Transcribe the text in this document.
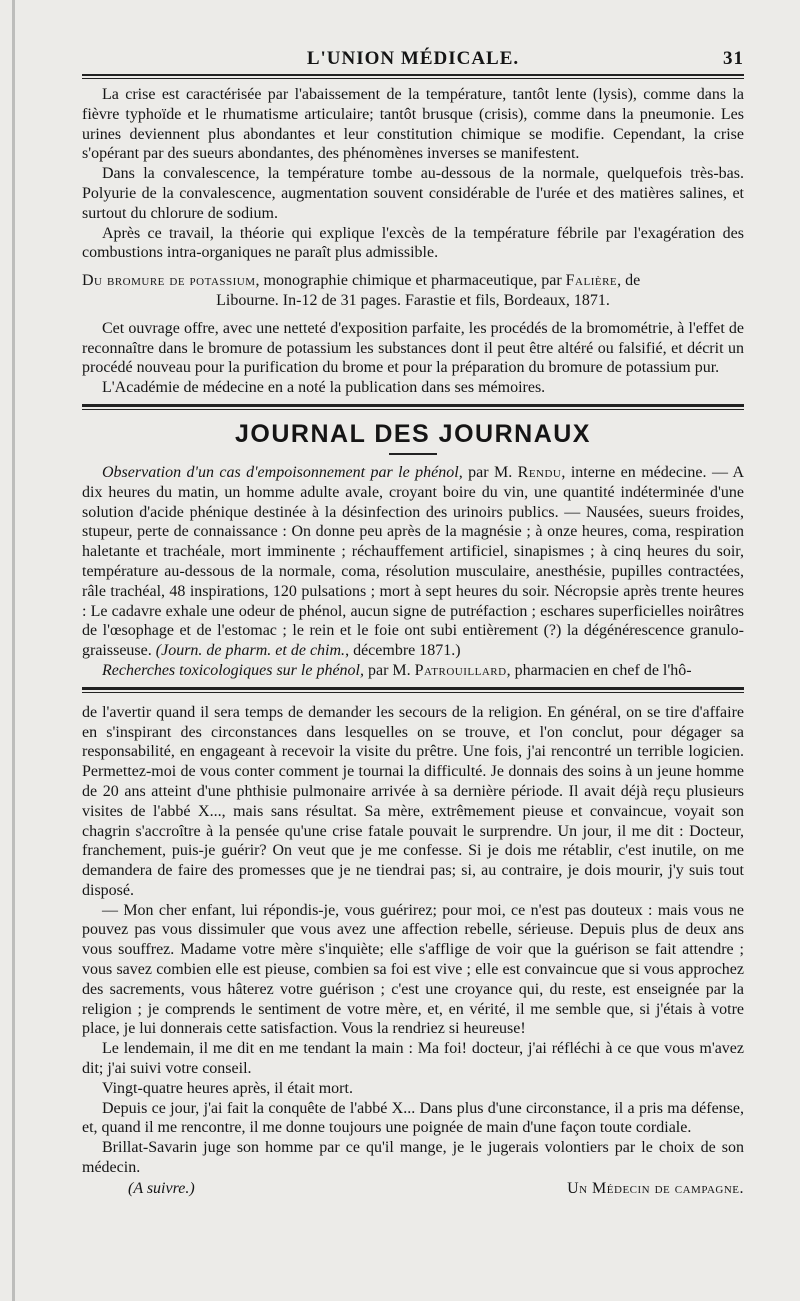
L'UNION MÉDICALE.	31

La crise est caractérisée par l'abaissement de la température, tantôt lente (lysis), comme dans la fièvre typhoïde et le rhumatisme articulaire; tantôt brusque (crisis), comme dans la pneumonie. Les urines deviennent plus abondantes et leur constitution chimique se modifie. Cependant, la crise s'opérant par des sueurs abondantes, des phénomènes inverses se manifestent.

Dans la convalescence, la température tombe au-dessous de la normale, quelquefois très-bas. Polyurie de la convalescence, augmentation souvent considérable de l'urée et des matières salines, et surtout du chlorure de sodium.

Après ce travail, la théorie qui explique l'excès de la température fébrile par l'exagération des combustions intra-organiques ne paraît plus admissible.

Du bromure de potassium, monographie chimique et pharmaceutique, par Falière, de

Libourne. In-12 de 31 pages. Farastie et fils, Bordeaux, 1871.

Cet ouvrage offre, avec une netteté d'exposition parfaite, les procédés de la bromométrie, à l'effet de reconnaître dans le bromure de potassium les substances dont il peut être altéré ou falsifié, et décrit un procédé nouveau pour la purification du brome et pour la préparation du bromure de potassium pur.

L'Académie de médecine en a noté la publication dans ses mémoires.

JOURNAL DES JOURNAUX

Observation d'un cas d'empoisonnement par le phénol, par M. Rendu, interne en médecine. — A dix heures du matin, un homme adulte avale, croyant boire du vin, une quantité indéterminée d'une solution d'acide phénique destinée à la désinfection des urinoirs publics. — Nausées, sueurs froides, stupeur, perte de connaissance : On donne peu après de la magnésie ; à onze heures, coma, respiration haletante et trachéale, mort imminente ; réchauffement artificiel, sinapismes ; à cinq heures du soir, température au-dessous de la normale, coma, résolution musculaire, anesthésie, pupilles contractées, râle trachéal, 48 inspirations, 120 pulsations ; mort à sept heures du soir. Nécropsie après trente heures : Le cadavre exhale une odeur de phénol, aucun signe de putréfaction ; eschares superficielles noirâtres de l'œsophage et de l'estomac ; le rein et le foie ont subi entièrement (?) la dégénérescence granulo-graisseuse. (Journ. de pharm. et de chim., décembre 1871.)

Recherches toxicologiques sur le phénol, par M. Patrouillard, pharmacien en chef de l'hô-

de l'avertir quand il sera temps de demander les secours de la religion. En général, on se tire d'affaire en s'inspirant des circonstances dans lesquelles on se trouve, et l'on conclut, pour dégager sa responsabilité, en engageant à recevoir la visite du prêtre. Une fois, j'ai rencontré un terrible logicien. Permettez-moi de vous conter comment je tournai la difficulté. Je donnais des soins à un jeune homme de 20 ans atteint d'une phthisie pulmonaire arrivée à sa dernière période. Il avait déjà reçu plusieurs visites de l'abbé X..., mais sans résultat. Sa mère, extrêmement pieuse et convaincue, voyait son chagrin s'accroître à la pensée qu'une crise fatale pouvait le surprendre. Un jour, il me dit : Docteur, franchement, puis-je guérir? On veut que je me confesse. Si je dois me rétablir, c'est inutile, on me demandera de faire des promesses que je ne tiendrai pas; si, au contraire, je dois mourir, j'y suis tout disposé.

— Mon cher enfant, lui répondis-je, vous guérirez; pour moi, ce n'est pas douteux : mais vous ne pouvez pas vous dissimuler que vous avez une affection rebelle, sérieuse. Depuis plus de deux ans vous souffrez. Madame votre mère s'inquiète; elle s'afflige de voir que la guérison se fait attendre ; vous savez combien elle est pieuse, combien sa foi est vive ; elle est convaincue que si vous approchez des sacrements, vous hâterez votre guérison ; c'est une croyance qui, du reste, est enseignée par la religion ; je comprends le sentiment de votre mère, et, en vérité, il me semble que, si j'étais à votre place, je lui donnerais cette satisfaction. Vous la rendriez si heureuse!

Le lendemain, il me dit en me tendant la main : Ma foi! docteur, j'ai réfléchi à ce que vous m'avez dit; j'ai suivi votre conseil.

Vingt-quatre heures après, il était mort.

Depuis ce jour, j'ai fait la conquête de l'abbé X... Dans plus d'une circonstance, il a pris ma défense, et, quand il me rencontre, il me donne toujours une poignée de main d'une façon toute cordiale.

Brillat-Savarin juge son homme par ce qu'il mange, je le jugerais volontiers par le choix de son médecin.

(A suivre.)	Un Médecin de campagne.
